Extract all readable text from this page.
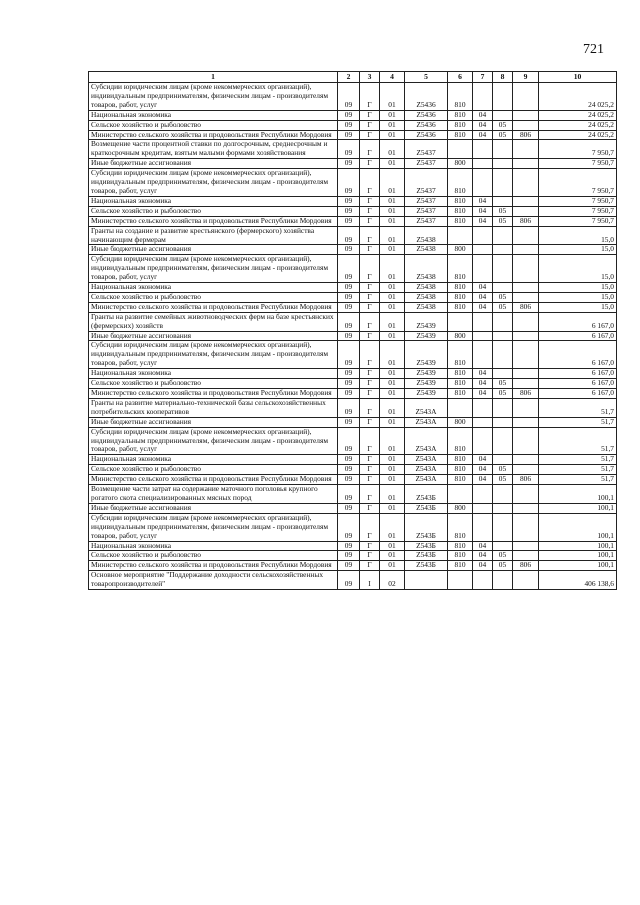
721
1	2	3	4	5	6	7	8	9	10
Субсидии юридическим лицам (кроме некоммерческих организаций), индивидуальным предпринимателям, физическим лицам - производителям товаров, работ, услуг	09	Г	01	Z5436	810				24 025,2
Национальная экономика	09	Г	01	Z5436	810	04			24 025,2
Сельское хозяйство и рыболовство	09	Г	01	Z5436	810	04	05		24 025,2
Министерство сельского хозяйства и продовольствия Республики Мордовия	09	Г	01	Z5436	810	04	05	806	24 025,2
Возмещение части процентной ставки по долгосрочным, среднесрочным и краткосрочным кредитам, взятым малыми формами хозяйствования	09	Г	01	Z5437					7 950,7
Иные бюджетные ассигнования	09	Г	01	Z5437	800				7 950,7
Субсидии юридическим лицам (кроме некоммерческих организаций), индивидуальным предпринимателям, физическим лицам - производителям товаров, работ, услуг	09	Г	01	Z5437	810				7 950,7
Национальная экономика	09	Г	01	Z5437	810	04			7 950,7
Сельское хозяйство и рыболовство	09	Г	01	Z5437	810	04	05		7 950,7
Министерство сельского хозяйства и продовольствия Республики Мордовия	09	Г	01	Z5437	810	04	05	806	7 950,7
Гранты на создание и развитие крестьянского (фермерского) хозяйства начинающим фермерам	09	Г	01	Z5438					15,0
Иные бюджетные ассигнования	09	Г	01	Z5438	800				15,0
Субсидии юридическим лицам (кроме некоммерческих организаций), индивидуальным предпринимателям, физическим лицам - производителям товаров, работ, услуг	09	Г	01	Z5438	810				15,0
Национальная экономика	09	Г	01	Z5438	810	04			15,0
Сельское хозяйство и рыболовство	09	Г	01	Z5438	810	04	05		15,0
Министерство сельского хозяйства и продовольствия Республики Мордовия	09	Г	01	Z5438	810	04	05	806	15,0
Гранты на развитие семейных животноводческих ферм на базе крестьянских (фермерских) хозяйств	09	Г	01	Z5439					6 167,0
Иные бюджетные ассигнования	09	Г	01	Z5439	800				6 167,0
Субсидии юридическим лицам (кроме некоммерческих организаций), индивидуальным предпринимателям, физическим лицам - производителям товаров, работ, услуг	09	Г	01	Z5439	810				6 167,0
Национальная экономика	09	Г	01	Z5439	810	04			6 167,0
Сельское хозяйство и рыболовство	09	Г	01	Z5439	810	04	05		6 167,0
Министерство сельского хозяйства и продовольствия Республики Мордовия	09	Г	01	Z5439	810	04	05	806	6 167,0
Гранты на развитие материально-технической базы сельскохозяйственных потребительских кооперативов	09	Г	01	Z543A					51,7
Иные бюджетные ассигнования	09	Г	01	Z543A	800				51,7
Субсидии юридическим лицам (кроме некоммерческих организаций), индивидуальным предпринимателям, физическим лицам - производителям товаров, работ, услуг	09	Г	01	Z543A	810				51,7
Национальная экономика	09	Г	01	Z543A	810	04			51,7
Сельское хозяйство и рыболовство	09	Г	01	Z543A	810	04	05		51,7
Министерство сельского хозяйства и продовольствия Республики Мордовия	09	Г	01	Z543A	810	04	05	806	51,7
Возмещение части затрат на содержание маточного поголовья крупного рогатого скота специализированных мясных пород	09	Г	01	Z543Б					100,1
Иные бюджетные ассигнования	09	Г	01	Z543Б	800				100,1
Субсидии юридическим лицам (кроме некоммерческих организаций), индивидуальным предпринимателям, физическим лицам - производителям товаров, работ, услуг	09	Г	01	Z543Б	810				100,1
Национальная экономика	09	Г	01	Z543Б	810	04			100,1
Сельское хозяйство и рыболовство	09	Г	01	Z543Б	810	04	05		100,1
Министерство сельского хозяйства и продовольствия Республики Мордовия	09	Г	01	Z543Б	810	04	05	806	100,1
Основное мероприятие "Поддержание доходности сельскохозяйственных товаропроизводителей"	09	I	02						406 138,6
